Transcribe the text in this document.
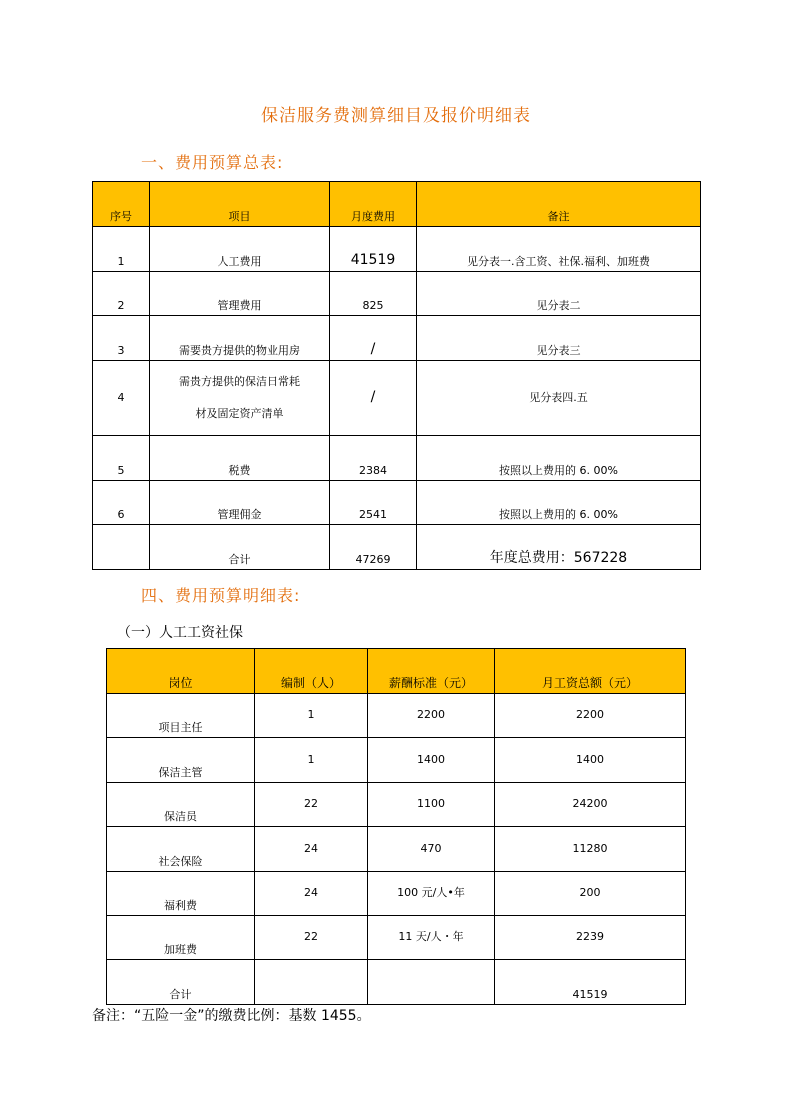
保洁服务费测算细目及报价明细表
一、费用预算总表:
序号	项目	月度费用	备注
1	人工费用	41519	见分表一.含工资、社保.福利、加班费
2	管理费用	825	见分表二
3	需要贵方提供的物业用房	/	见分表三
4	需贵方提供的保洁日常耗
材及固定资产清单	/	见分表四.五
5	税费	2384	按照以上费用的 6. 00%
6	管理佣金	2541	按照以上费用的 6. 00%
	合计	47269	年度总费用：567228
四、费用预算明细表:
（一）人工工资社保
岗位	编制（人）	薪酬标准（元）	月工资总额（元）
项目主任	1	2200	2200
保洁主管	1	1400	1400
保洁员	22	1100	24200
社会保险	24	470	11280
福利费	24	100 元/人•年	200
加班费	22	11 天/人・年	2239
合计			41519
备注：“五险一金”的缴费比例：基数 1455。
